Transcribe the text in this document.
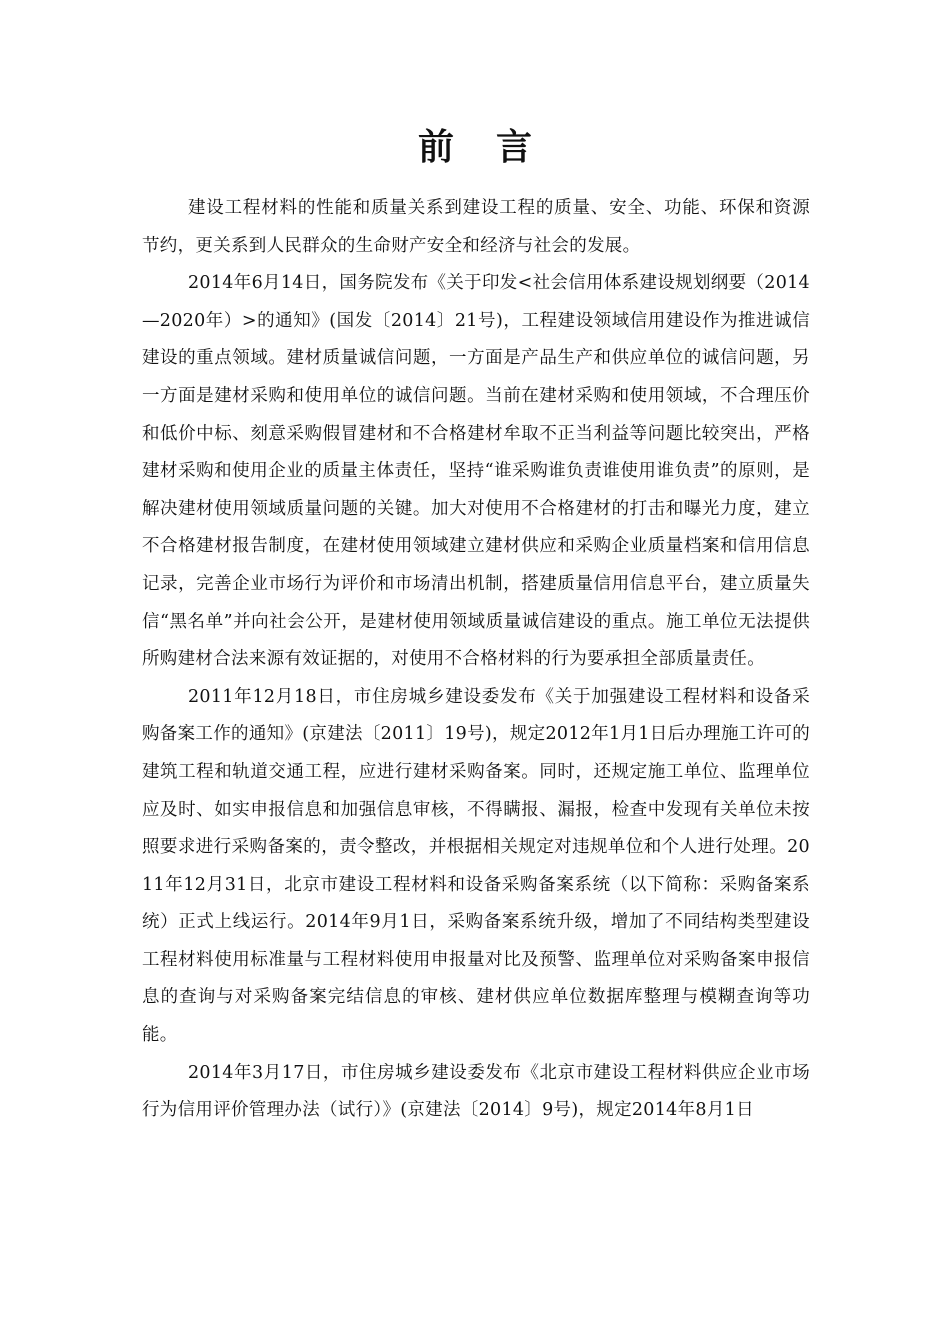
前言

建设工程材料的性能和质量关系到建设工程的质量、安全、功能、环保和资源节约，更关系到人民群众的生命财产安全和经济与社会的发展。

2014年6月14日，国务院发布《关于印发<社会信用体系建设规划纲要（2014—2020年）>的通知》(国发〔2014〕21号)，工程建设领域信用建设作为推进诚信建设的重点领域。建材质量诚信问题，一方面是产品生产和供应单位的诚信问题，另一方面是建材采购和使用单位的诚信问题。当前在建材采购和使用领域，不合理压价和低价中标、刻意采购假冒建材和不合格建材牟取不正当利益等问题比较突出，严格建材采购和使用企业的质量主体责任，坚持“谁采购谁负责谁使用谁负责”的原则，是解决建材使用领域质量问题的关键。加大对使用不合格建材的打击和曝光力度，建立不合格建材报告制度，在建材使用领域建立建材供应和采购企业质量档案和信用信息记录，完善企业市场行为评价和市场清出机制，搭建质量信用信息平台，建立质量失信“黑名单”并向社会公开，是建材使用领域质量诚信建设的重点。施工单位无法提供所购建材合法来源有效证据的，对使用不合格材料的行为要承担全部质量责任。

2011年12月18日，市住房城乡建设委发布《关于加强建设工程材料和设备采购备案工作的通知》(京建法〔2011〕19号)，规定2012年1月1日后办理施工许可的建筑工程和轨道交通工程，应进行建材采购备案。同时，还规定施工单位、监理单位应及时、如实申报信息和加强信息审核，不得瞒报、漏报，检查中发现有关单位未按照要求进行采购备案的，责令整改，并根据相关规定对违规单位和个人进行处理。2011年12月31日，北京市建设工程材料和设备采购备案系统（以下简称：采购备案系统）正式上线运行。2014年9月1日，采购备案系统升级，增加了不同结构类型建设工程材料使用标准量与工程材料使用申报量对比及预警、监理单位对采购备案申报信息的查询与对采购备案完结信息的审核、建材供应单位数据库整理与模糊查询等功能。

2014年3月17日，市住房城乡建设委发布《北京市建设工程材料供应企业市场行为信用评价管理办法（试行）》(京建法〔2014〕9号)，规定2014年8月1日
